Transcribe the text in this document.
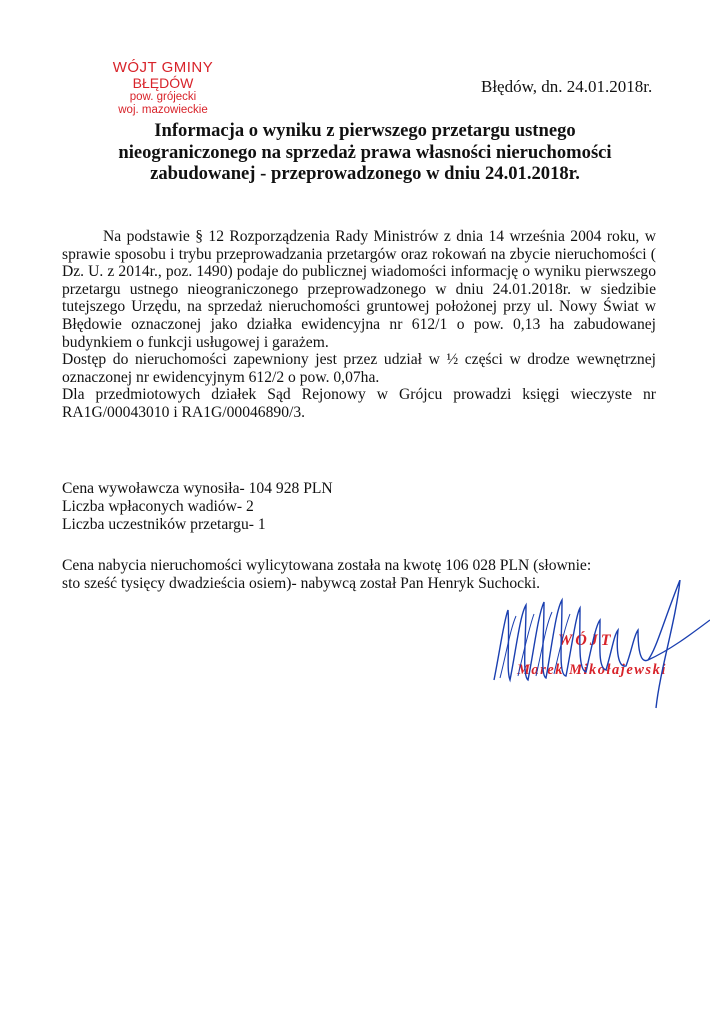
WÓJT GMINY
BŁĘDÓW
pow. grójecki
woj. mazowieckie
Błędów, dn. 24.01.2018r.
Informacja o wyniku z pierwszego przetargu ustnego
nieograniczonego na sprzedaż prawa własności nieruchomości
zabudowanej - przeprowadzonego w dniu 24.01.2018r.

Na podstawie § 12 Rozporządzenia Rady Ministrów z dnia 14 września 2004 roku, w sprawie sposobu i trybu przeprowadzania przetargów oraz rokowań na zbycie nieruchomości ( Dz. U. z 2014r., poz. 1490) podaje do publicznej wiadomości informację o wyniku pierwszego przetargu ustnego nieograniczonego przeprowadzonego w dniu 24.01.2018r. w siedzibie tutejszego Urzędu, na sprzedaż nieruchomości gruntowej położonej przy ul. Nowy Świat w Błędowie oznaczonej jako działka ewidencyjna nr 612/1 o pow. 0,13 ha zabudowanej budynkiem o funkcji usługowej i garażem.

Dostęp do nieruchomości zapewniony jest przez udział w ½ części w drodze wewnętrznej oznaczonej nr ewidencyjnym 612/2 o pow. 0,07ha.

Dla przedmiotowych działek Sąd Rejonowy w Grójcu prowadzi księgi wieczyste nr RA1G/00043010 i RA1G/00046890/3.

Cena wywoławcza wynosiła- 104 928 PLN
Liczba wpłaconych wadiów- 2
Liczba uczestników przetargu- 1
Cena nabycia nieruchomości wylicytowana została na kwotę 106 028 PLN (słownie:
sto sześć tysięcy dwadzieścia osiem)- nabywcą został Pan Henryk Suchocki.
WÓJT
Marek Mikołajewski
